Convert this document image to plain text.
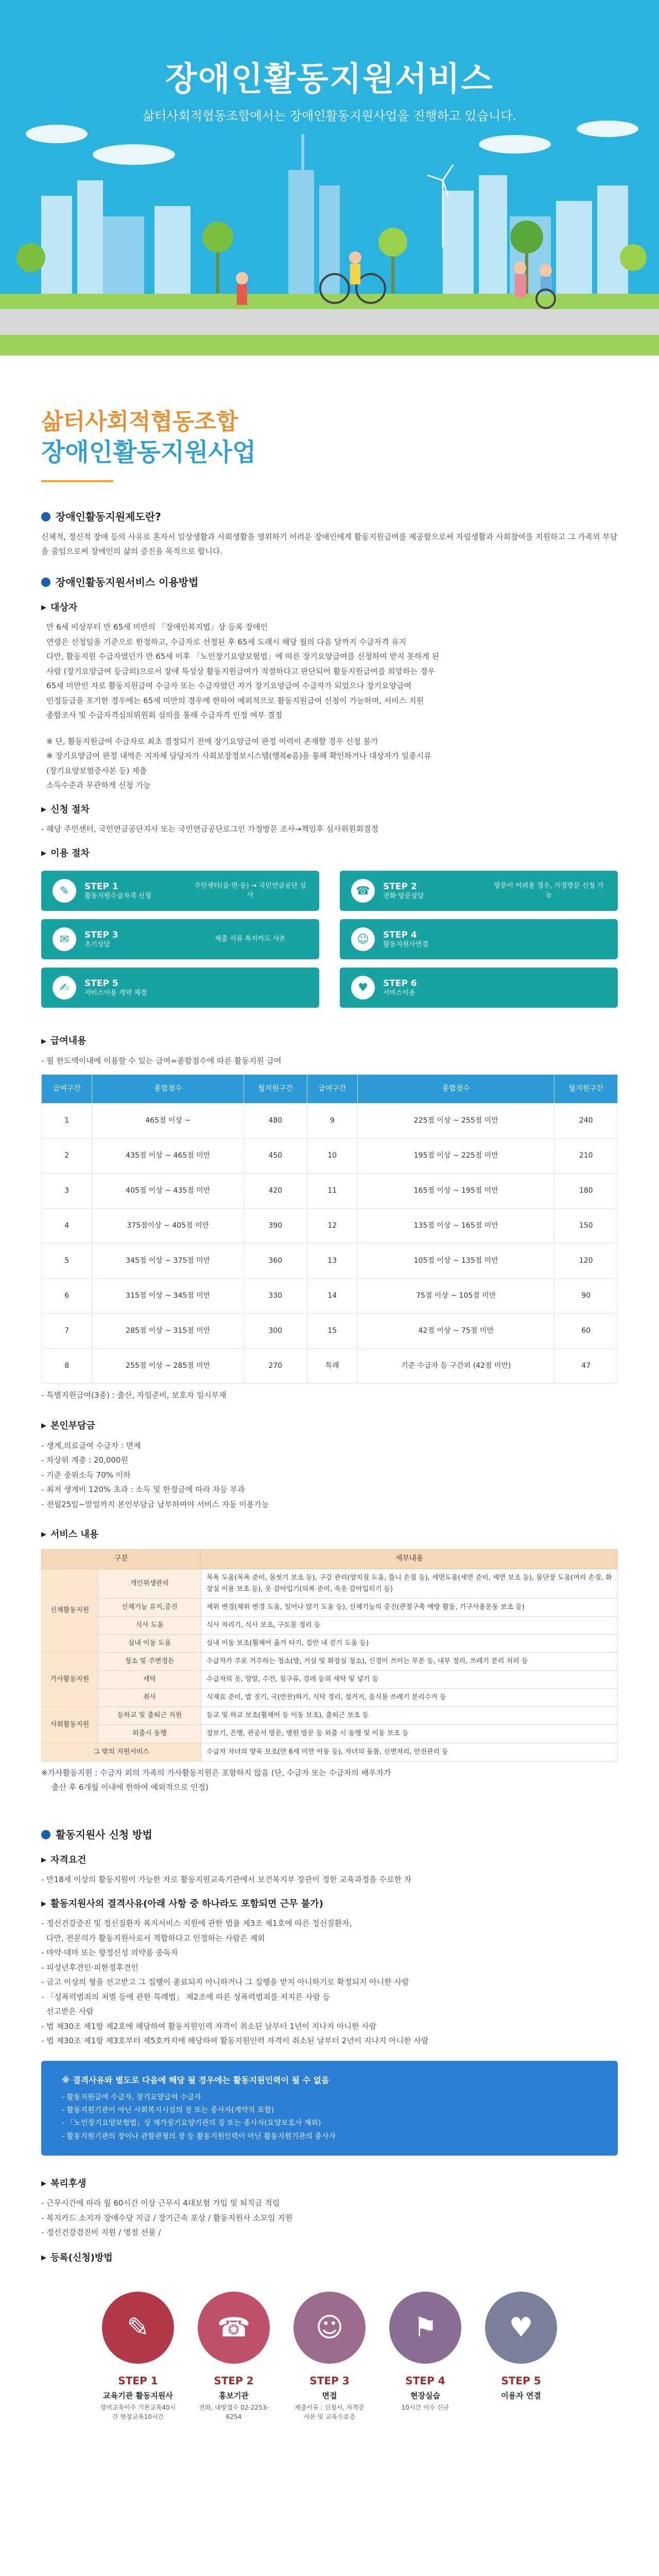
장애인활동지원서비스

삶터사회적협동조합에서는 장애인활동지원사업을 진행하고 있습니다.

삶터사회적협동조합
장애인활동지원사업
장애인활동지원제도란?

신체적, 정신적 장애 등의 사유로 혼자서 일상생활과 사회생활을 영위하기 어려운 장애인에게 활동지원급여를 제공함으로써 자립생활과 사회참여를 지원하고 그 가족의 부담을 줄임으로써 장애인의 삶의 증진을 목적으로 합니다.

장애인활동지원서비스 이용방법
▶ 대상자
만 6세 이상부터 만 65세 미만의 「장애인복지법」상 등록 장애인
연령은 신청일을 기준으로 한정하고, 수급자로 선정된 후 65세 도래시 해당 월의 다음 달까지 수급자격 유지
다만, 활동지원 수급자였던가 만 65세 이후 「노인장기요양보험법」에 따른 장기요양급여를 신청하여 받지 못하게 된
사람 (장기요양급여 등급외)으로서 장애 특성상 활동지원급여가 적절하다고 판단되어 활동지원급여를 희망하는 경우
65세 미만인 자로 활동지원급여 수급자 또는 수급자였던 자가 장기요양급여 수급자가 되었으나 장기요양급여
인정등급을 포기한 경우에는 65세 미만의 경우에 한하여 예외적으로 활동지원급여 신청이 가능하며, 서비스 지원
종합조사 및 수급자격심의위원회 심의를 통해 수급자격 인정 여부 결정
※ 단, 활동지원급여 수급자로 최초 결정되기 전에 장기요양급여 판정 이력이 존재할 경우 신청 불가
※ 장기요양급여 판정 내역은 지자체 담당자가 사회보장정보시스템(행복e음)을 통해 확인하거나 대상자가 일종시류
(장기요양보험증사본 등) 제출
소득수준과 무관하게 신청 가능
▶ 신청 절차

- 해당 주민센터, 국민연금공단지사 또는 국민연금공단로그인 가정방문 조사→책임후 심사위원회결정

▶ 이용 절차
✎	STEP 1
활동지원수급자격 신청
주민센터(읍·면·동) → 국민연금공단 심사	☎	STEP 2
전화·방문상담
방문이 어려울 경우, 가정방문 신청 가능
✉	STEP 3
초기상담
제출 서류 복지카드 사본	☺	STEP 4
활동지원사연결
✍	STEP 5
서비스이용 계약 체결	♥	STEP 6
서비스이용
▶ 급여내용

- 월 한도액이내에 이용할 수 있는 급여=종합점수에 따른 활동지원 급여

급여구간	종합점수	월지원구간	급여구간	종합점수	월지원구간
1	465점 이상 ~	480	9	225점 이상 ~ 255점 미만	240
2	435점 이상 ~ 465점 미만	450	10	195점 이상 ~ 225점 미만	210
3	405점 이상 ~ 435점 미만	420	11	165점 이상 ~ 195점 미만	180
4	375점이상 ~ 405점 미만	390	12	135점 이상 ~ 165점 미만	150
5	345점 이상 ~ 375점 미만	360	13	105점 이상 ~ 135점 미만	120
6	315점 이상 ~ 345점 미만	330	14	75점 이상 ~ 105점 미만	90
7	285점 이상 ~ 315점 미만	300	15	42점 이상 ~ 75점 미만	60
8	255점 이상 ~ 285점 미만	270	특례	기준 수급자 등 구간외 (42점 미만)	47

- 특별지원급여(3종) : 출산, 자립준비, 보호자 일시부재

▶ 본인부담금
- 생계,의료급여 수급자 : 면제
- 차상위 계층 : 20,000원
- 기준 중위소득 70% 이하
- 최저 생계비 120% 초과 : 소득 및 한정금에 따라 차등 부과
- 전월25일~말일까지 본인부담금 납부하여야 서비스 자동 이용가능
▶ 서비스 내용
구분		세부내용
신체활동지원	개인위생관리	목욕 도움(목욕 준비, 몸씻기 보조 등), 구강 관리(양치질 도움, 틀니 손질 등), 세면도움(세면 준비, 세면 보조 등), 몸단장 도움(머리 손질, 화장실 이용 보조 등), 옷 갈아입기(의복 준비, 속옷 갈아입히기 등)
	신체기능 유지,증진	체위 변경(체위 변경 도움, 일어나 앉기 도움 등), 신체기능의 증진(관절구축 예방 활동, 기구사용운동 보조 등)
	식사 도움	식사 차리기, 식사 보조, 구토물 정리 등
	실내 이동 도움	실내 이동 보조(휠체어 옮겨 타기, 집안 내 걷기 도움 등)
가사활동지원	청소 및 주변정돈	수급자가 주로 거주하는 청소(방, 거실 및 화장실 청소), 신경이 쓰이는 부분 등, 내부 정리, 쓰레기 분리 처리 등
	세탁	수급자의 옷, 양말, 수건, 침구류, 걸레 등의 세탁 및 넣기 등
	취사	식재료 준비, 밥 짓기, 국(반찬)하기, 식탁 정리, 설거지, 음식물 쓰레기 분리수거 등
사회활동지원	등하교 및 출퇴근 지원	등교 및 하교 보조(휠체어 등 이동 보조), 출퇴근 보조 등
	외출시 동행	장보기, 은행, 관공서 방문, 병원 방문 등 외출 시 동행 및 이동 보조 등
그 밖의 지원서비스		수급자 자녀의 양육 보조(만 6세 미만 아동 등), 자녀의 돌봄, 신변처리, 안전관리 등
※가사활동지원 : 수급자 외의 가족의 가사활동지원은 포함하지 않음 (단, 수급자 또는 수급자의 배우자가
출산 후 6개월 이내에 한하여 예외적으로 인정)
활동지원사 신청 방법
▶ 자격요건

- 만18세 이상의 활동지원이 가능한 자로 활동지원교육기관에서 보건복지부 장관이 정한 교육과정을 수료한 자

▶ 활동지원사의 결격사유(아래 사항 중 하나라도 포함되면 근무 불가)
- 정신건강증진 및 정신질환자 복지서비스 지원에 관한 법률 제3조 제1호에 따른 정신질환자,
다만, 전문의가 활동지원사로서 적합하다고 인정하는 사람은 제외
- 마약·대마 또는 향정신성 의약품 중독자
- 피성년후견인·피한정후견인
- 금고 이상의 형을 선고받고 그 집행이 종료되지 아니하거나 그 집행을 받지 아니하기로 확정되지 아니한 사람
- 「성폭력범죄의 처벌 등에 관한 특례법」 제2조에 따른 성폭력범죄를 저지른 사람 등
선고받은 사람
- 법 제30조 제1항 제2호에 해당하여 활동지원인력 자격이 취소된 날부터 1년이 지나지 아니한 사람
- 법 제30조 제1항 제3호부터 제5호까지에 해당하여 활동지원인력 자격이 취소된 날부터 2년이 지나지 아니한 사람
※ 결격사유와 별도로 다음에 해당 될 경우에는 활동지원인력이 될 수 없음
- 활동지원급여 수급자, 장기요양급여 수급자
- 활동지원기관이 아닌 사회복지시설의 장 또는 종사자(계약직 포함)
- 「노인장기요양보험법」상 재가장기요양기관의 장 또는 종사자(요양보호사 제외)
- 활동지원기관의 장이나 관할관청의 장 등 활동지원인력이 아닌 활동지원기관의 종사자
▶ 복리후생
- 근무시간에 따라 월 60시간 이상 근무시 4대보험 가입 및 퇴직금 적립
- 복지카드 소지자 장애수당 지급 / 장기근속 포상 / 활동지원사 소모임 지원
- 정신건강검진비 지원 / 명절 선물 /
▶ 등록(신청)방법
✎
STEP 1
교육기관 활동지원사
장비교육이수 기본교육40시간 현장교육10시간
☎
STEP 2
홍보기관
전화, 내방접수 02-2253-6254
☺
STEP 3
면접
제출서류 : 신청서, 자격증 사본 및 교육수료증
⚑
STEP 4
현장실습
10시간 이수 신규
♥
STEP 5
이용자 연결
